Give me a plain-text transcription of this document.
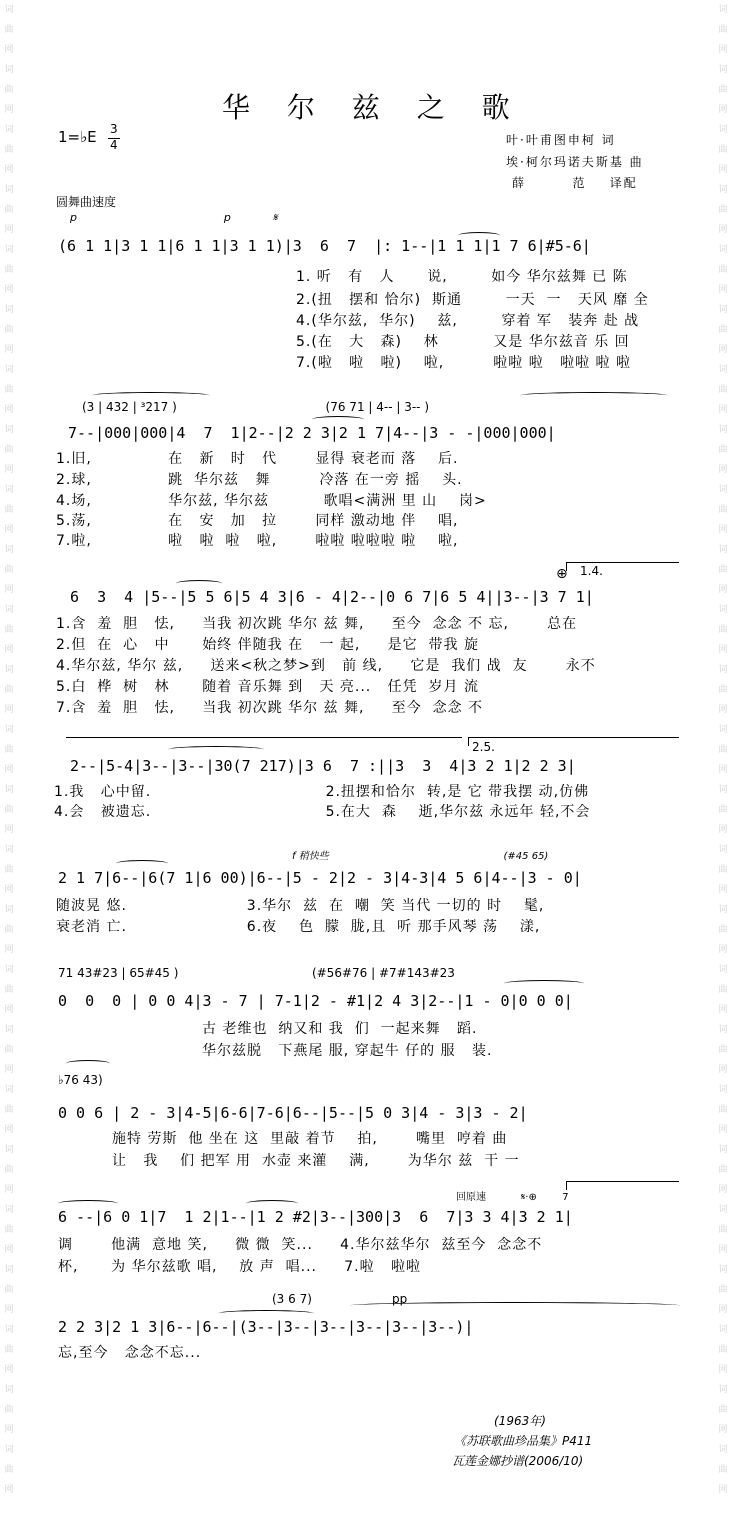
词
曲
网
词
曲
网
词
曲
网
词
曲
网
词
曲
网
词
曲
网
词
曲
网
词
曲
网
词
曲
网
词
曲
网
词
曲
网
词
曲
网
词
曲
网
词
曲
网
词
曲
网
词
曲
网
词
曲
网
词
曲
网
词
曲
网
词
曲
网
词
曲
网
词
曲
网
词
曲
网
词
曲
网
词
曲
网
词
曲
网
词
曲
网
词
曲
网
词
曲
网
词
曲
网
词
曲
网
词
曲
网
词
曲
网
词
曲
网
词
曲
网
词
曲
网
词
曲
网
词
曲
网
词
曲
网
词
曲
网
词
曲
网
词
曲
网
词
曲
网
词
曲
网
词
曲
网
词
曲
网
词
曲
网
词
曲
网
词
曲
网
词
曲
网
华 尔 兹 之 歌
1=♭E 3
4	叶·叶甫图申柯 词
埃·柯尔玛诺夫斯基 曲
薛        范    译配
圆舞曲速度
p                                          p            𝄋
(6 1 1|3 1 1|6 1 1|3 1 1)|3  6  7  |: 1--|1 1 1|1 7 6|#5-6|
1. 听   有   人      说,        如今 华尔兹舞 已 陈
2.(扭   摆和 恰尔)  斯通        一天  一   天风 靡 全
4.(华尔兹,  华尔)    兹,        穿着 军   装奔 赴 战
5.(在   大   森)    林          又是 华尔兹音 乐 回
7.(啦   啦   啦)    啦,         啦啦 啦   啦啦 啦 啦
(3 | 432 | ³217 )                                       (76 71 | 4-- | 3-- )
7--|000|000|4  7  1|2--|2 2 3|2 1 7|4--|3 - -|000|000|
1.旧,              在   新   时   代       显得 衰老而 落    后.
2.球,              跳  华尔兹   舞         冷落 在一旁 摇    头.
4.场,              华尔兹, 华尔兹          歌唱<满洲 里 山    岗>
5.荡,              在   安   加   拉       同样 激动地 伴    唱,
7.啦,              啦   啦  啦   啦,       啦啦 啦啦啦 啦    啦,
1.4.
⊕
6  3  4 |5--|5 5 6|5 4 3|6 - 4|2--|0 6 7|6 5 4||3--|3 7 1|
1.含  羞  胆   怯,     当我 初次跳 华尔 兹 舞,     至今  念念 不 忘,       总在
2.但  在  心   中      始终 伴随我 在   一 起,     是它  带我 旋
4.华尔兹, 华尔 兹,     送来<秋之梦>到   前 线,     它是  我们 战  友       永不
5.白  桦  树   林      随着 音乐舞 到   天 亮...   任凭  岁月 流
7.含  羞  胆   怯,     当我 初次跳 华尔 兹 舞,     至今  念念 不
2.5.
2--|5-4|3--|3--|30(7 217)|3 6  7 :||3  3  4|3 2 1|2 2 3|
1.我   心中留.                                2.扭摆和恰尔  转,是 它 带我摆 动,仿佛
4.会   被遗忘.                                5.在大  森    逝,华尔兹 永远年 轻,不会
f 稍快些                                                       (#45 65)
2 1 7|6--|6(7 1|6 00)|6--|5 - 2|2 - 3|4-3|4 5 6|4--|3 - 0|
随波晃 悠.                      3.华尔  兹  在  嘲  笑 当代 一切的 时    髦,
衰老消 亡.                      6.夜    色  朦  胧,且  听 那手风琴 荡    漾,
71 43#23 | 65#45 )                                   (#56#76 | #7#143#23
0  0  0 | 0 0 4|3 - 7 | 7-1|2 - #1|2 4 3|2--|1 - 0|0 0 0|
古 老维也  纳又和 我  们  一起来舞   蹈.
华尔兹脱   下燕尾 服, 穿起牛 仔的 服   装.
♭76 43)
0 0 6 | 2 - 3|4-5|6-6|7-6|6--|5--|5 0 3|4 - 3|3 - 2|
施特 劳斯  他 坐在 这  里敲 着节    拍,       嘴里  哼着 曲
让   我    们 把军 用  水壶 来灌    满,       为华尔 兹  干 一
回原速           𝄋·⊕        7
6 --|6 0 1|7  1 2|1--|1 2 #2|3--|300|3  6  7|3 3 4|3 2 1|
调       他满  意地 笑,     微 微  笑...     4.华尔兹华尔  兹至今  念念不
杯,      为 华尔兹歌 唱,    放 声  唱...     7.啦   啦啦
(3 6 7)                     pp
2 2 3|2 1 3|6--|6--|(3--|3--|3--|3--|3--|3--)|
忘,至今   念念不忘...
(1963年)
《苏联歌曲珍品集》P411
瓦莲金娜抄谱(2006/10)
